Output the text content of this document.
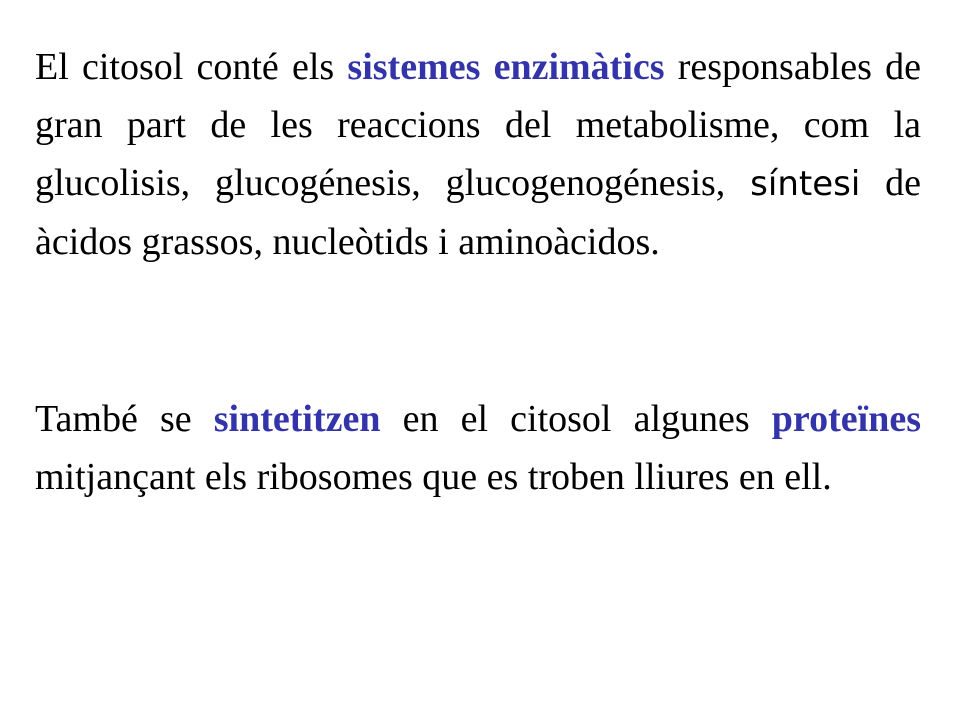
El citosol conté els sistemes enzimàtics responsables de gran part de les reaccions del metabolisme, com la glucolisis, glucogénesis, glucogenogénesis, síntesi de àcidos grassos, nucleòtids i aminoàcidos.

També se sintetitzen en el citosol algunes proteïnes mitjançant els ribosomes que es troben lliures en ell.
